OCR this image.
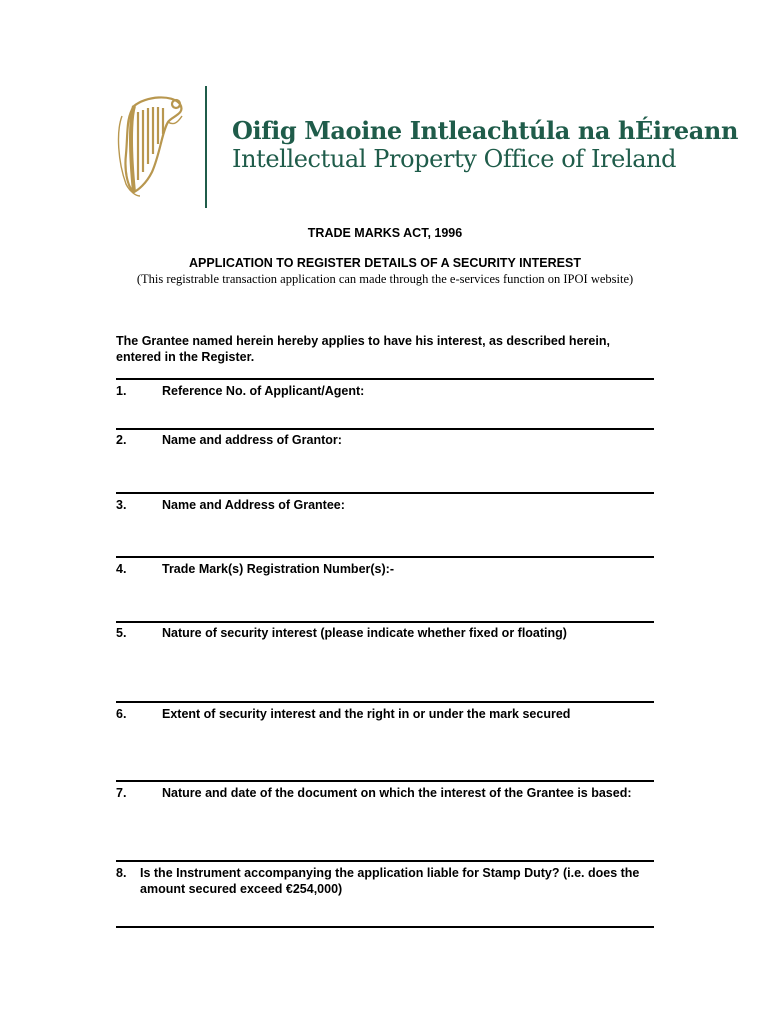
Oifig Maoine Intleachtúla na hÉireann
Intellectual Property Office of Ireland
TRADE MARKS ACT, 1996
APPLICATION TO REGISTER DETAILS OF A SECURITY INTEREST
(This registrable transaction application can made through the e-services function on IPOI website)
The Grantee named herein hereby applies to have his interest, as described herein, entered in the Register.
1.	Reference No. of Applicant/Agent:
2.	Name and address of Grantor:
3.	Name and Address of Grantee:
4.	Trade Mark(s) Registration Number(s):-
5.	Nature of security interest (please indicate whether fixed or floating)
6.	Extent of security interest and the right in or under the mark secured
7.	Nature and date of the document on which the interest of the Grantee is based:
8. Is the Instrument accompanying the application liable for Stamp Duty? (i.e. does the amount secured exceed €254,000)
